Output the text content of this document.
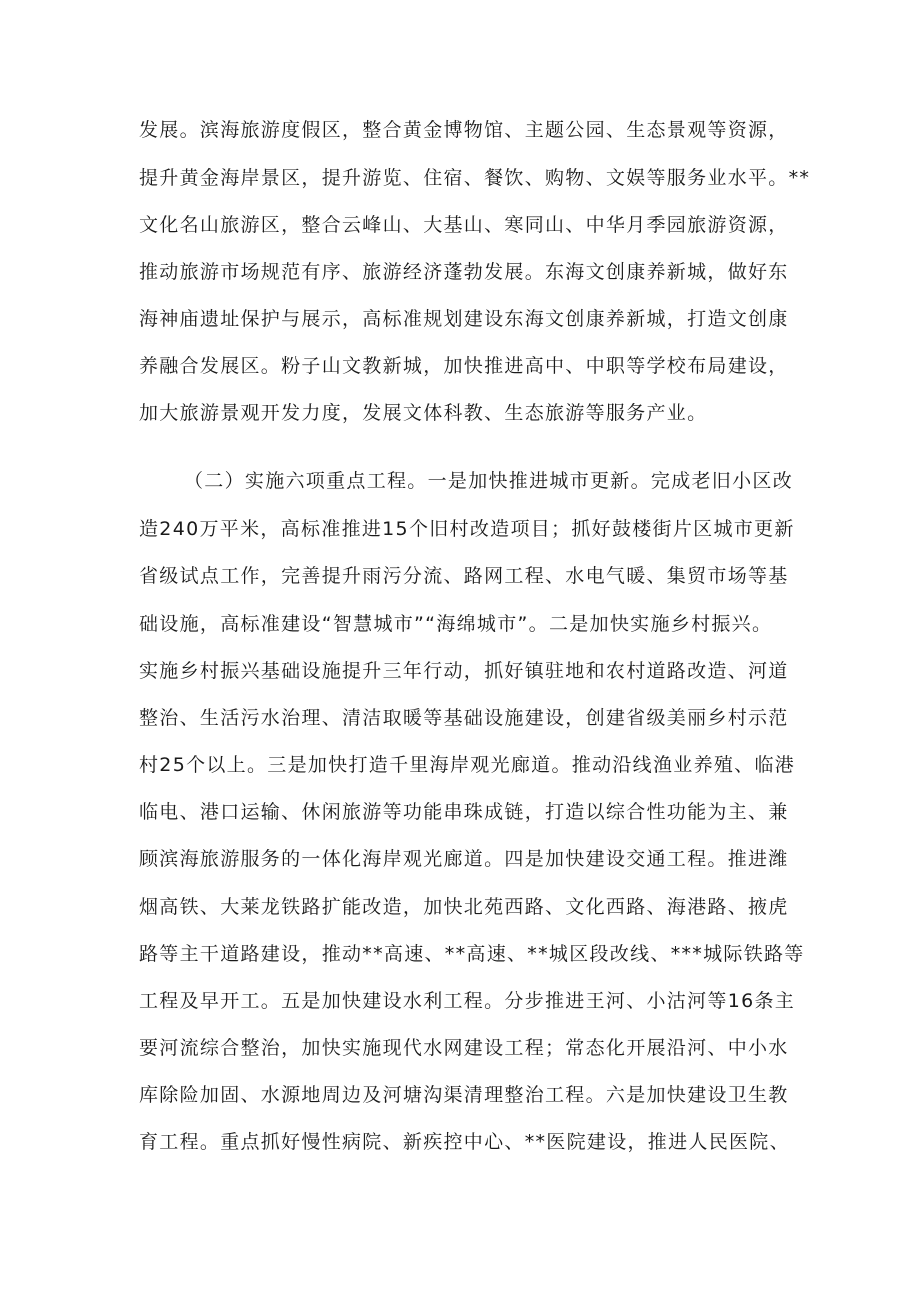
发展。滨海旅游度假区，整合黄金博物馆、主题公园、生态景观等资源，
提升黄金海岸景区，提升游览、住宿、餐饮、购物、文娱等服务业水平。**
文化名山旅游区，整合云峰山、大基山、寒同山、中华月季园旅游资源，
推动旅游市场规范有序、旅游经济蓬勃发展。东海文创康养新城，做好东
海神庙遗址保护与展示，高标准规划建设东海文创康养新城，打造文创康
养融合发展区。粉子山文教新城，加快推进高中、中职等学校布局建设，
加大旅游景观开发力度，发展文体科教、生态旅游等服务产业。
（二）实施六项重点工程。一是加快推进城市更新。完成老旧小区改
造240万平米，高标准推进15个旧村改造项目；抓好鼓楼街片区城市更新
省级试点工作，完善提升雨污分流、路网工程、水电气暖、集贸市场等基
础设施，高标准建设“智慧城市”“海绵城市”。二是加快实施乡村振兴。
实施乡村振兴基础设施提升三年行动，抓好镇驻地和农村道路改造、河道
整治、生活污水治理、清洁取暖等基础设施建设，创建省级美丽乡村示范
村25个以上。三是加快打造千里海岸观光廊道。推动沿线渔业养殖、临港
临电、港口运输、休闲旅游等功能串珠成链，打造以综合性功能为主、兼
顾滨海旅游服务的一体化海岸观光廊道。四是加快建设交通工程。推进潍
烟高铁、大莱龙铁路扩能改造，加快北苑西路、文化西路、海港路、掖虎
路等主干道路建设，推动**高速、**高速、**城区段改线、***城际铁路等
工程及早开工。五是加快建设水利工程。分步推进王河、小沽河等16条主
要河流综合整治，加快实施现代水网建设工程；常态化开展沿河、中小水
库除险加固、水源地周边及河塘沟渠清理整治工程。六是加快建设卫生教
育工程。重点抓好慢性病院、新疾控中心、**医院建设，推进人民医院、
